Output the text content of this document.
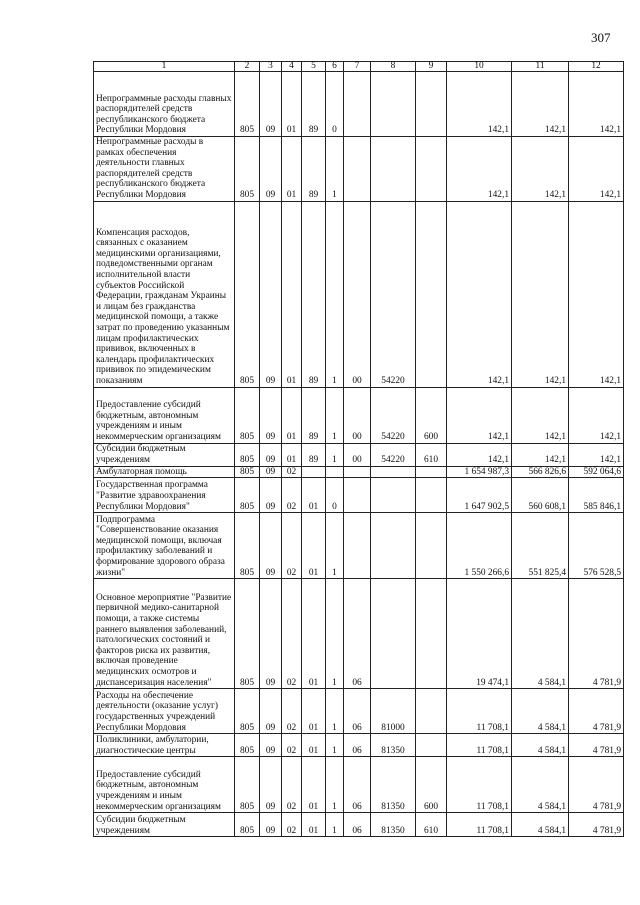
307
1	2	3	4	5	6	7	8	9	10	11	12
Непрограммные расходы главных распорядителей средств республиканского бюджета Республики Мордовия	805	09	01	89	0				142,1	142,1	142,1
Непрограммные расходы в рамках обеспечения деятельности главных распорядителей средств республиканского бюджета Республики Мордовия	805	09	01	89	1				142,1	142,1	142,1
Компенсация расходов, связанных с оказанием медицинскими организациями, подведомственными органам исполнительной власти субъектов Российской Федерации, гражданам Украины и лицам без гражданства медицинской помощи, а также затрат по проведению указанным лицам профилактических прививок, включенных в календарь профилактических прививок по эпидемическим показаниям	805	09	01	89	1	00	54220		142,1	142,1	142,1
Предоставление субсидий бюджетным, автономным учреждениям и иным некоммерческим организациям	805	09	01	89	1	00	54220	600	142,1	142,1	142,1
Субсидии бюджетным учреждениям	805	09	01	89	1	00	54220	610	142,1	142,1	142,1
Амбулаторная помощь	805	09	02						1 654 987,3	566 826,6	592 064,6
Государственная программа "Развитие здравоохранения Республики Мордовия"	805	09	02	01	0				1 647 902,5	560 608,1	585 846,1
Подпрограмма "Совершенствование оказания медицинской помощи, включая профилактику заболеваний и формирование здорового образа жизни"	805	09	02	01	1				1 550 266,6	551 825,4	576 528,5
Основное мероприятие "Развитие первичной медико-санитарной помощи, а также системы раннего выявления заболеваний, патологических состояний и факторов риска их развития, включая проведение медицинских осмотров и диспансеризация населения"	805	09	02	01	1	06			19 474,1	4 584,1	4 781,9
Расходы на обеспечение деятельности (оказание услуг) государственных учреждений Республики Мордовия	805	09	02	01	1	06	81000		11 708,1	4 584,1	4 781,9
Поликлиники, амбулатории, диагностические центры	805	09	02	01	1	06	81350		11 708,1	4 584,1	4 781,9
Предоставление субсидий бюджетным, автономным учреждениям и иным некоммерческим организациям	805	09	02	01	1	06	81350	600	11 708,1	4 584,1	4 781,9
Субсидии бюджетным учреждениям	805	09	02	01	1	06	81350	610	11 708,1	4 584,1	4 781,9
